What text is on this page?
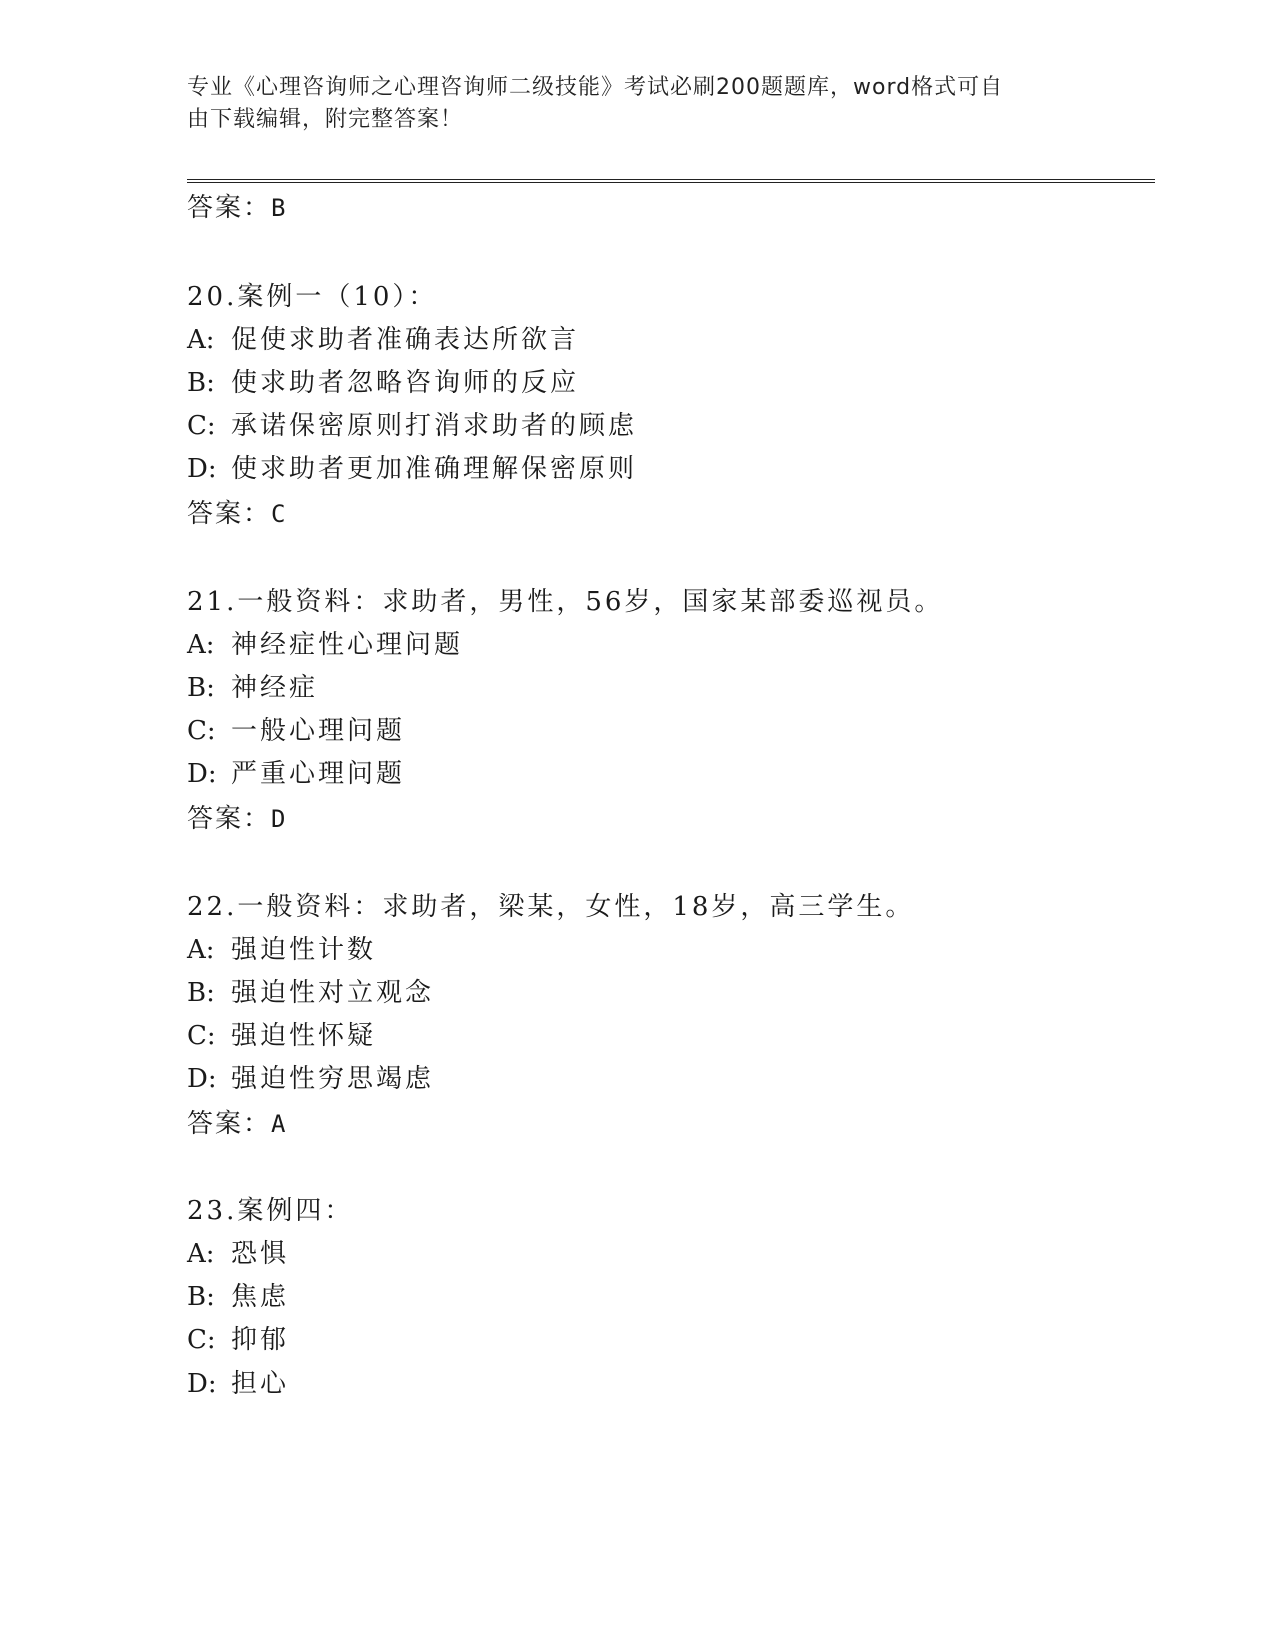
专业《心理咨询师之心理咨询师二级技能》考试必刷200题题库，word格式可自
由下载编辑，附完整答案！
答案：B
20.案例一（10）：
A: 促使求助者准确表达所欲言
B: 使求助者忽略咨询师的反应
C: 承诺保密原则打消求助者的顾虑
D: 使求助者更加准确理解保密原则
答案：C
21.一般资料：求助者，男性，56岁，国家某部委巡视员。
A: 神经症性心理问题
B: 神经症
C: 一般心理问题
D: 严重心理问题
答案：D
22.一般资料：求助者，梁某，女性，18岁，高三学生。
A: 强迫性计数
B: 强迫性对立观念
C: 强迫性怀疑
D: 强迫性穷思竭虑
答案：A
23.案例四：
A: 恐惧
B: 焦虑
C: 抑郁
D: 担心
